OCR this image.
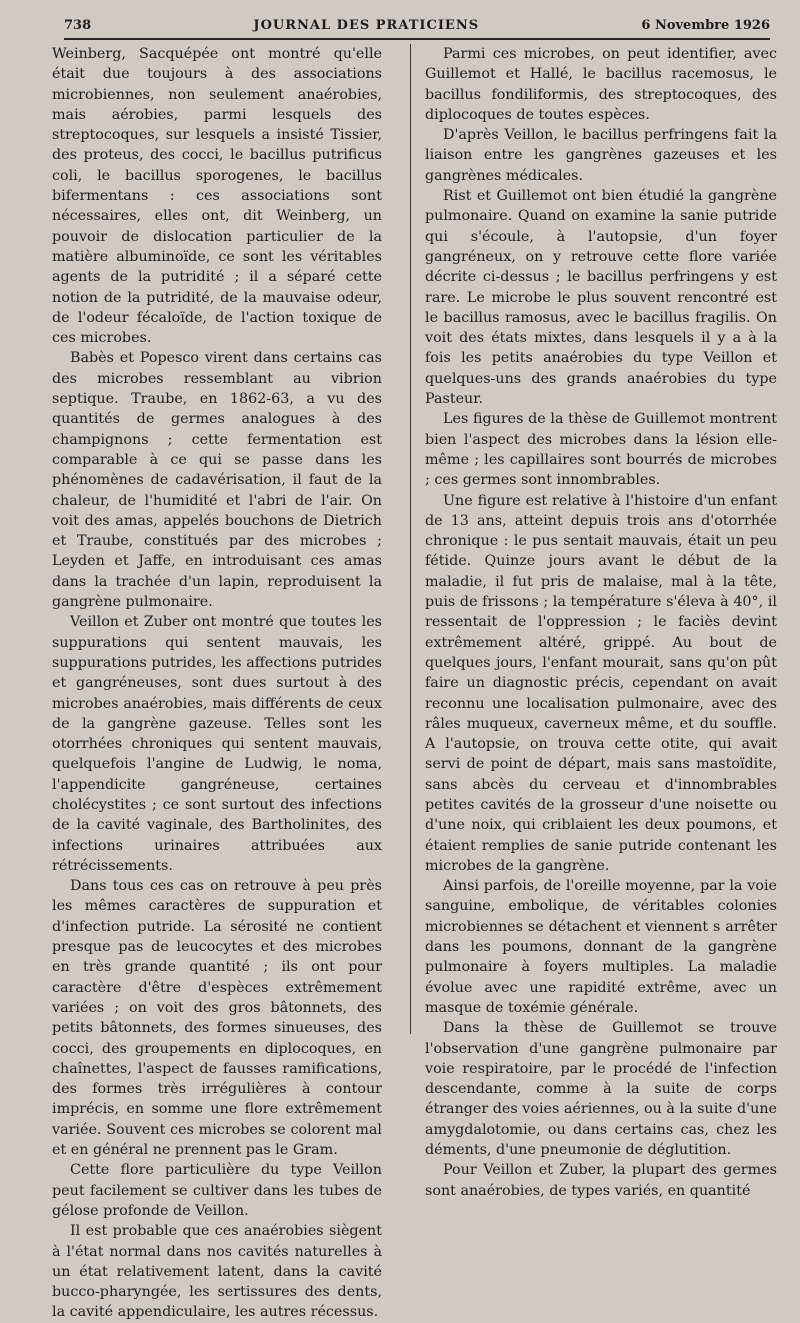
738	JOURNAL DES PRATICIENS	6 Novembre 1926

Weinberg, Sacquépée ont montré qu'elle était due toujours à des associations microbiennes, non seulement anaérobies, mais aérobies, parmi lesquels des streptocoques, sur lesquels a insisté Tissier, des proteus, des cocci, le bacillus putrificus coli, le bacillus sporogenes, le bacillus bifermentans : ces associations sont nécessaires, elles ont, dit Weinberg, un pouvoir de dislocation particulier de la matière albuminoïde, ce sont les véritables agents de la putridité ; il a séparé cette notion de la putridité, de la mauvaise odeur, de l'odeur fécaloïde, de l'action toxique de ces microbes.

Babès et Popesco virent dans certains cas des microbes ressemblant au vibrion septique. Traube, en 1862-63, a vu des quantités de germes analogues à des champignons ; cette fermentation est comparable à ce qui se passe dans les phénomènes de cadavérisation, il faut de la chaleur, de l'humidité et l'abri de l'air. On voit des amas, appelés bouchons de Dietrich et Traube, constitués par des microbes ; Leyden et Jaffe, en introduisant ces amas dans la trachée d'un lapin, reproduisent la gangrène pulmonaire.

Veillon et Zuber ont montré que toutes les suppurations qui sentent mauvais, les suppurations putrides, les affections putrides et gangréneuses, sont dues surtout à des microbes anaérobies, mais différents de ceux de la gangrène gazeuse. Telles sont les otorrhées chroniques qui sentent mauvais, quelquefois l'angine de Ludwig, le noma, l'appendicite gangréneuse, certaines cholécystites ; ce sont surtout des infections de la cavité vaginale, des Bartholinites, des infections urinaires attribuées aux rétrécissements.

Dans tous ces cas on retrouve à peu près les mêmes caractères de suppuration et d'infection putride. La sérosité ne contient presque pas de leucocytes et des microbes en très grande quantité ; ils ont pour caractère d'être d'espèces extrêmement variées ; on voit des gros bâtonnets, des petits bâtonnets, des formes sinueuses, des cocci, des groupements en diplocoques, en chaînettes, l'aspect de fausses ramifications, des formes très irrégulières à contour imprécis, en somme une flore extrêmement variée. Souvent ces microbes se colorent mal et en général ne prennent pas le Gram.

Cette flore particulière du type Veillon peut facilement se cultiver dans les tubes de gélose profonde de Veillon.

Il est probable que ces anaérobies siègent à l'état normal dans nos cavités naturelles à un état relativement latent, dans la cavité bucco-pharyngée, les sertissures des dents, la cavité appendiculaire, les autres récessus.

Parmi ces microbes, on peut identifier, avec Guillemot et Hallé, le bacillus racemosus, le bacillus fondiliformis, des streptocoques, des diplocoques de toutes espèces.

D'après Veillon, le bacillus perfringens fait la liaison entre les gangrènes gazeuses et les gangrènes médicales.

Rist et Guillemot ont bien étudié la gangrène pulmonaire. Quand on examine la sanie putride qui s'écoule, à l'autopsie, d'un foyer gangréneux, on y retrouve cette flore variée décrite ci-dessus ; le bacillus perfringens y est rare. Le microbe le plus souvent rencontré est le bacillus ramosus, avec le bacillus fragilis. On voit des états mixtes, dans lesquels il y a à la fois les petits anaérobies du type Veillon et quelques-uns des grands anaérobies du type Pasteur.

Les figures de la thèse de Guillemot montrent bien l'aspect des microbes dans la lésion elle-même ; les capillaires sont bourrés de microbes ; ces germes sont innombrables.

Une figure est relative à l'histoire d'un enfant de 13 ans, atteint depuis trois ans d'otorrhée chronique : le pus sentait mauvais, était un peu fétide. Quinze jours avant le début de la maladie, il fut pris de malaise, mal à la tête, puis de frissons ; la température s'éleva à 40°, il ressentait de l'oppression ; le faciès devint extrêmement altéré, grippé. Au bout de quelques jours, l'enfant mourait, sans qu'on pût faire un diagnostic précis, cependant on avait reconnu une localisation pulmonaire, avec des râles muqueux, caverneux même, et du souffle. A l'autopsie, on trouva cette otite, qui avait servi de point de départ, mais sans mastoïdite, sans abcès du cerveau et d'innombrables petites cavités de la grosseur d'une noisette ou d'une noix, qui criblaient les deux poumons, et étaient remplies de sanie putride contenant les microbes de la gangrène.

Ainsi parfois, de l'oreille moyenne, par la voie sanguine, embolique, de véritables colonies microbiennes se détachent et viennent s arrêter dans les poumons, donnant de la gangrène pulmonaire à foyers multiples. La maladie évolue avec une rapidité extrême, avec un masque de toxémie générale.

Dans la thèse de Guillemot se trouve l'observation d'une gangrène pulmonaire par voie respiratoire, par le procédé de l'infection descendante, comme à la suite de corps étranger des voies aériennes, ou à la suite d'une amygdalotomie, ou dans certains cas, chez les déments, d'une pneumonie de déglutition.

Pour Veillon et Zuber, la plupart des germes sont anaérobies, de types variés, en quantité
